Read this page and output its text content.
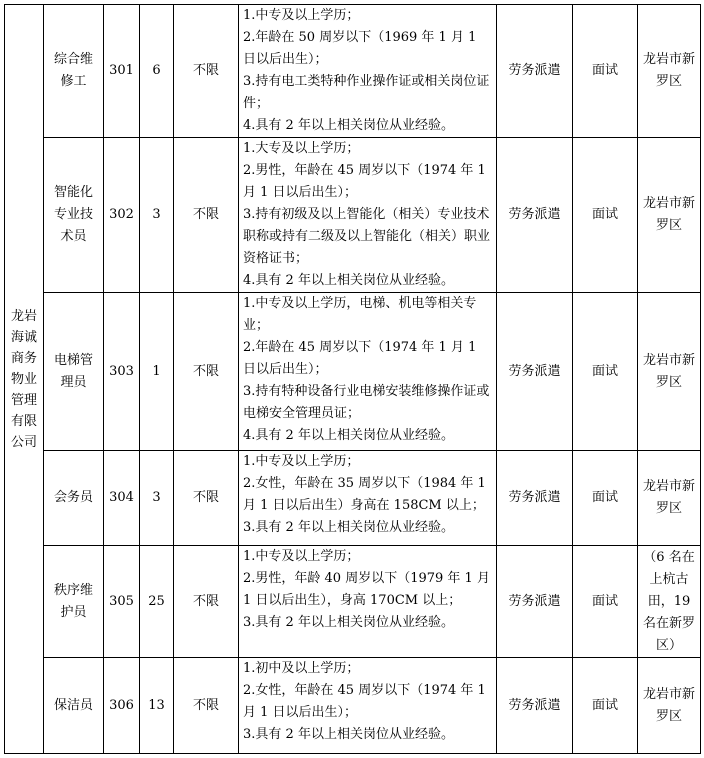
龙岩海诚商务物业管理有限公司	综合维修工	301	6	不限	1.中专及以上学历；
2.年龄在 50 周岁以下（1969 年 1 月 1 日以后出生）；
3.持有电工类特种作业操作证或相关岗位证件；
4.具有 2 年以上相关岗位从业经验。	劳务派遣	面试	龙岩市新罗区
	智能化专业技术员	302	3	不限	1.大专及以上学历；
2.男性，年龄在 45 周岁以下（1974 年 1 月 1 日以后出生）；
3.持有初级及以上智能化（相关）专业技术职称或持有二级及以上智能化（相关）职业资格证书；
4.具有 2 年以上相关岗位从业经验。	劳务派遣	面试	龙岩市新罗区
	电梯管理员	303	1	不限	1.中专及以上学历，电梯、机电等相关专业；
2.年龄在 45 周岁以下（1974 年 1 月 1 日以后出生）；
3.持有特种设备行业电梯安装维修操作证或电梯安全管理员证；
4.具有 2 年以上相关岗位从业经验。	劳务派遣	面试	龙岩市新罗区
	会务员	304	3	不限	1.中专及以上学历；
2.女性，年龄在 35 周岁以下（1984 年 1 月 1 日以后出生）身高在 158CM 以上；
3.具有 2 年以上相关岗位从业经验。	劳务派遣	面试	龙岩市新罗区
	秩序维护员	305	25	不限	1.中专及以上学历；
2.男性，年龄 40 周岁以下（1979 年 1 月 1 日以后出生），身高 170CM 以上；
3.具有 2 年以上相关岗位从业经验。	劳务派遣	面试	（6 名在上杭古田，19 名在新罗区）
	保洁员	306	13	不限	1.初中及以上学历；
2.女性，年龄在 45 周岁以下（1974 年 1 月 1 日以后出生）；
3.具有 2 年以上相关岗位从业经验。	劳务派遣	面试	龙岩市新罗区
